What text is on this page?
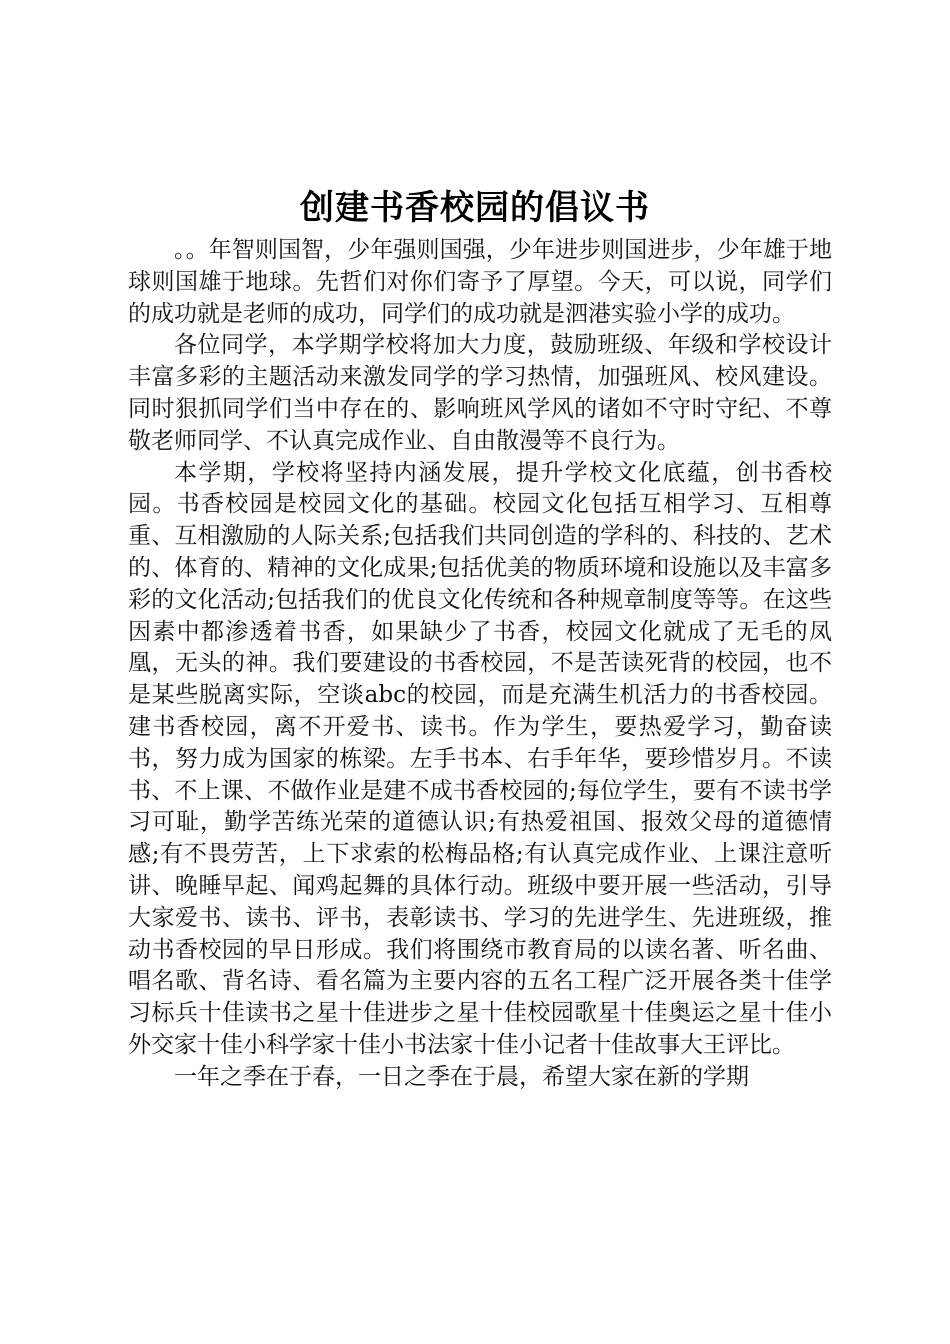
创建书香校园的倡议书

。。年智则国智，少年强则国强，少年进步则国进步，少年雄于地球则国雄于地球。先哲们对你们寄予了厚望。今天，可以说，同学们的成功就是老师的成功，同学们的成功就是泗港实验小学的成功。

各位同学，本学期学校将加大力度，鼓励班级、年级和学校设计丰富多彩的主题活动来激发同学的学习热情，加强班风、校风建设。同时狠抓同学们当中存在的、影响班风学风的诸如不守时守纪、不尊敬老师同学、不认真完成作业、自由散漫等不良行为。

本学期，学校将坚持内涵发展，提升学校文化底蕴，创书香校园。书香校园是校园文化的基础。校园文化包括互相学习、互相尊重、互相激励的人际关系;包括我们共同创造的学科的、科技的、艺术的、体育的、精神的文化成果;包括优美的物质环境和设施以及丰富多彩的文化活动;包括我们的优良文化传统和各种规章制度等等。在这些因素中都渗透着书香，如果缺少了书香，校园文化就成了无毛的凤凰，无头的神。我们要建设的书香校园，不是苦读死背的校园，也不是某些脱离实际，空谈abc的校园，而是充满生机活力的书香校园。建书香校园，离不开爱书、读书。作为学生，要热爱学习，勤奋读书，努力成为国家的栋梁。左手书本、右手年华，要珍惜岁月。不读书、不上课、不做作业是建不成书香校园的;每位学生，要有不读书学习可耻，勤学苦练光荣的道德认识;有热爱祖国、报效父母的道德情感;有不畏劳苦，上下求索的松梅品格;有认真完成作业、上课注意听讲、晚睡早起、闻鸡起舞的具体行动。班级中要开展一些活动，引导大家爱书、读书、评书，表彰读书、学习的先进学生、先进班级，推动书香校园的早日形成。我们将围绕市教育局的以读名著、听名曲、唱名歌、背名诗、看名篇为主要内容的五名工程广泛开展各类十佳学习标兵十佳读书之星十佳进步之星十佳校园歌星十佳奥运之星十佳小外交家十佳小科学家十佳小书法家十佳小记者十佳故事大王评比。

一年之季在于春，一日之季在于晨，希望大家在新的学期
